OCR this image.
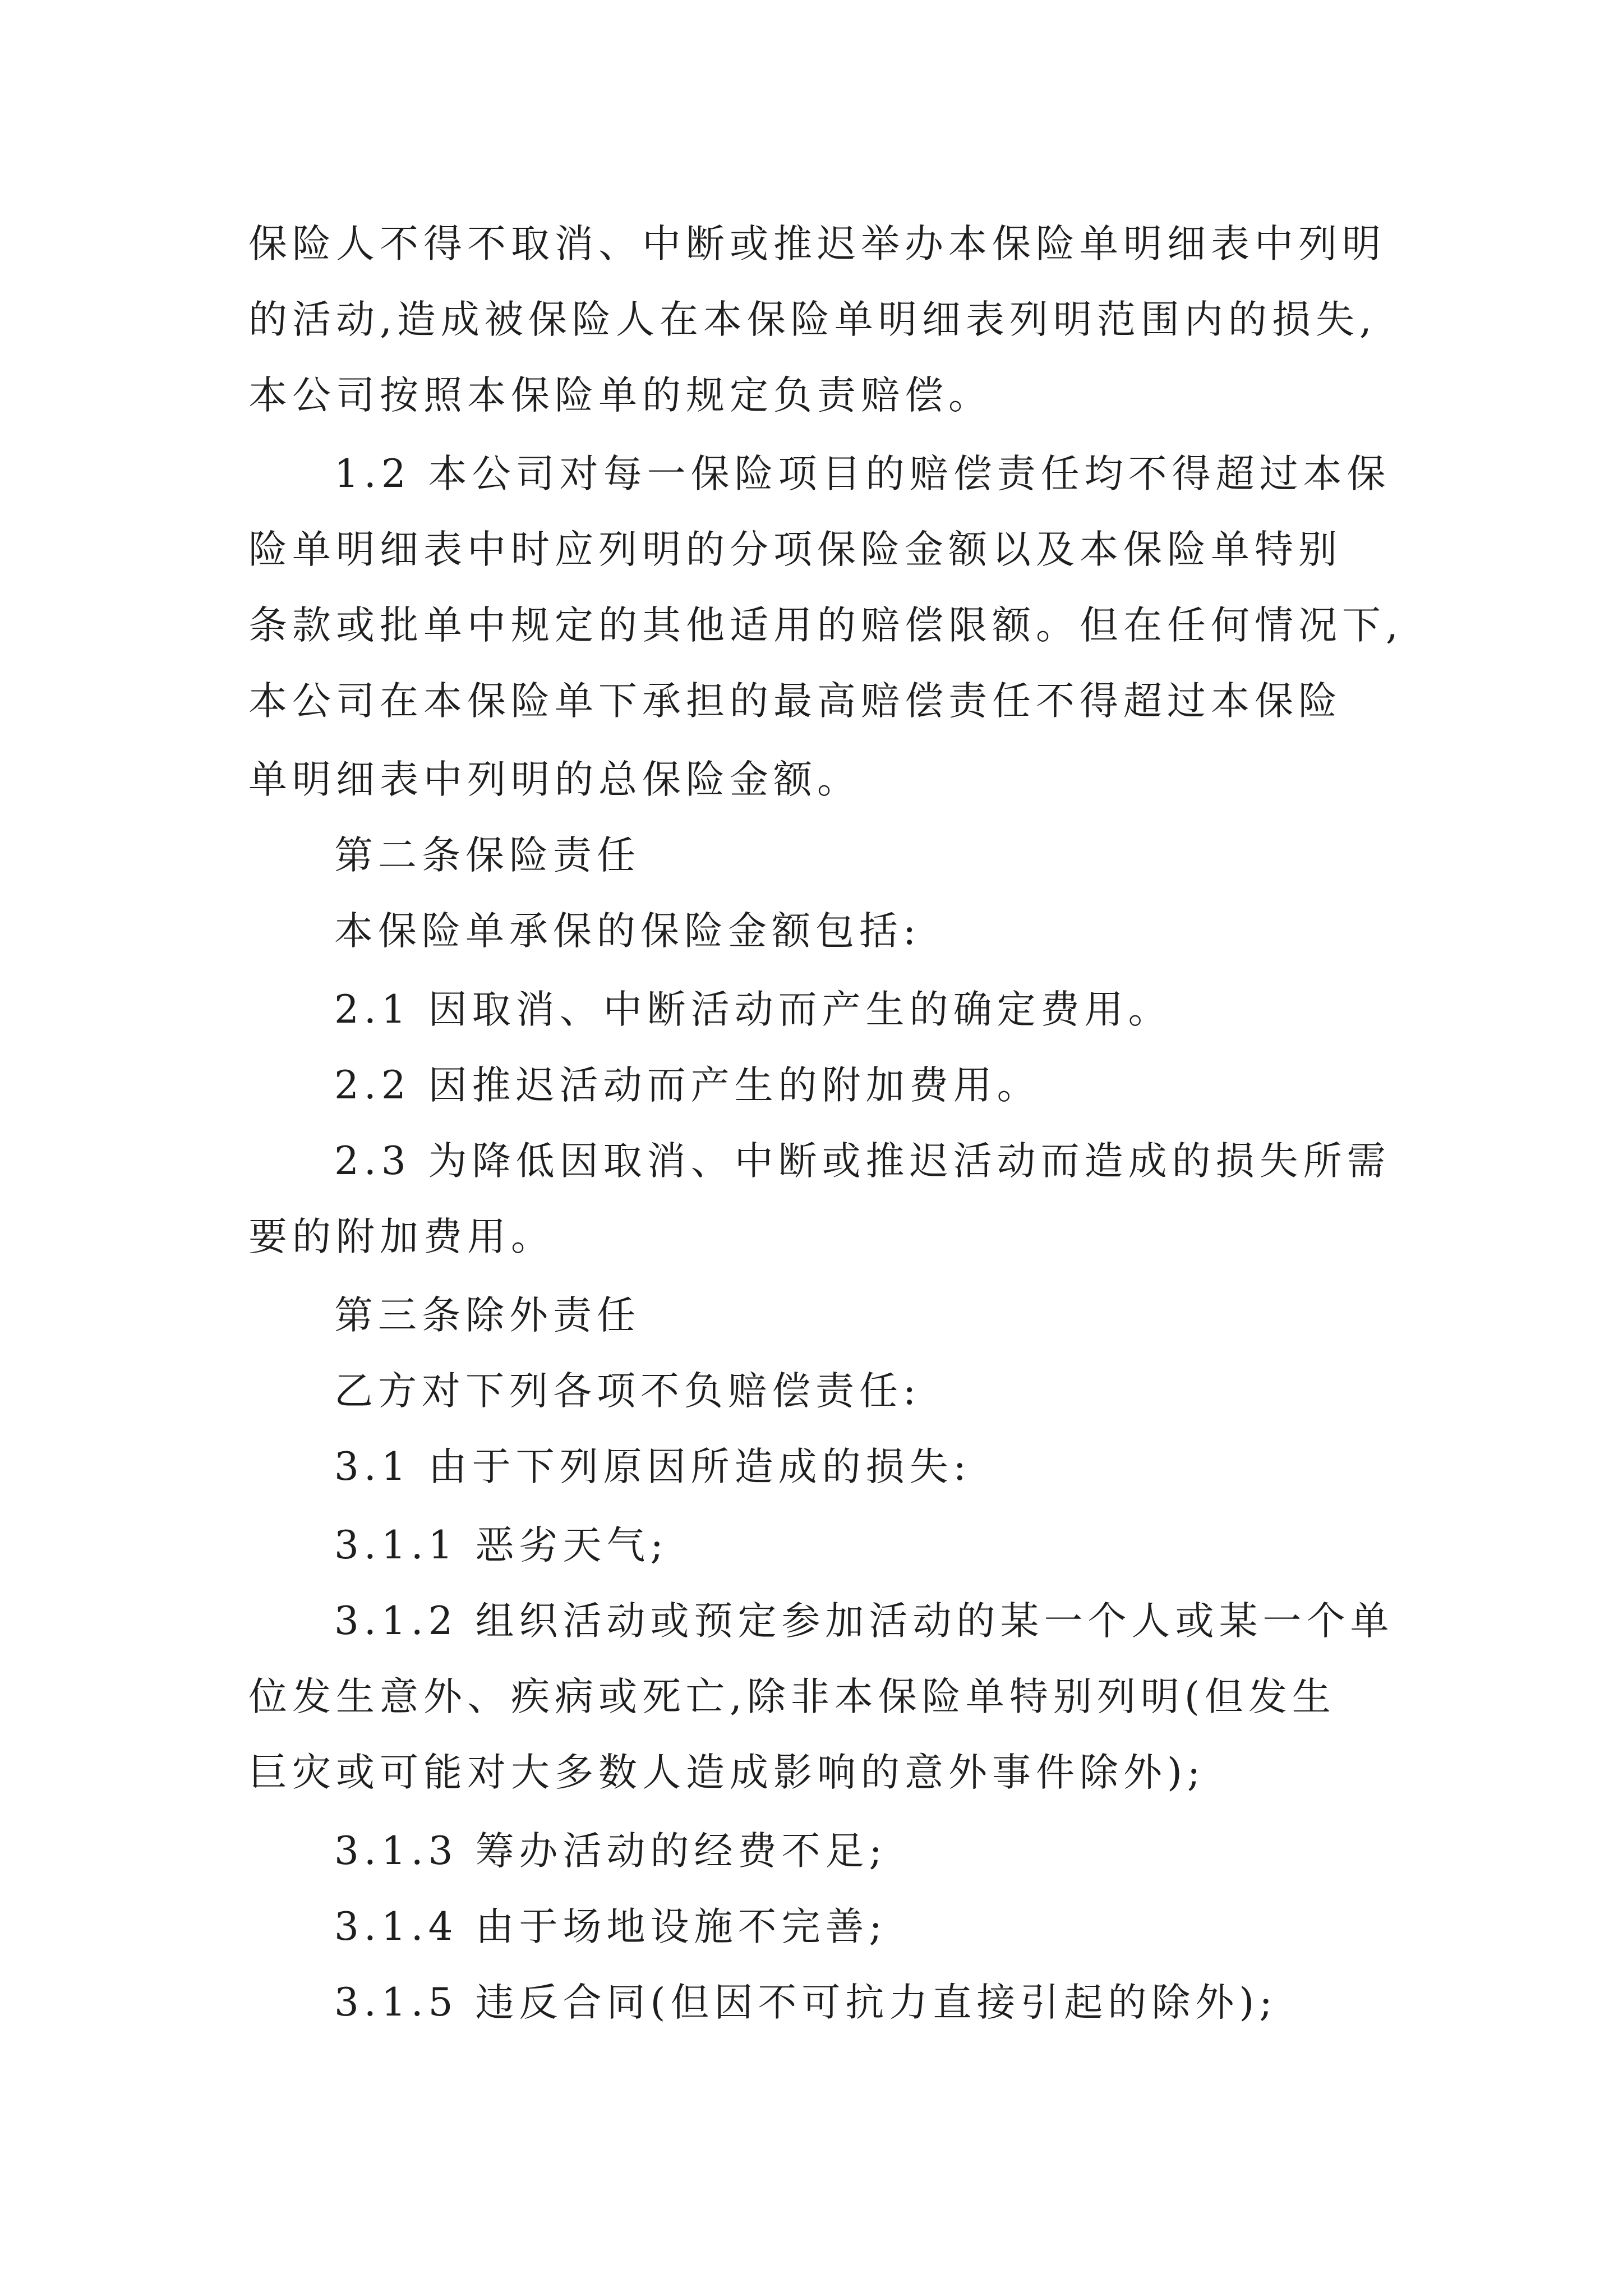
保险人不得不取消、中断或推迟举办本保险单明细表中列明
的活动,造成被保险人在本保险单明细表列明范围内的损失,
本公司按照本保险单的规定负责赔偿。
1.2 本公司对每一保险项目的赔偿责任均不得超过本保
险单明细表中时应列明的分项保险金额以及本保险单特别
条款或批单中规定的其他适用的赔偿限额。但在任何情况下,
本公司在本保险单下承担的最高赔偿责任不得超过本保险
单明细表中列明的总保险金额。
第二条保险责任
本保险单承保的保险金额包括:
2.1 因取消、中断活动而产生的确定费用。
2.2 因推迟活动而产生的附加费用。
2.3 为降低因取消、中断或推迟活动而造成的损失所需
要的附加费用。
第三条除外责任
乙方对下列各项不负赔偿责任:
3.1 由于下列原因所造成的损失:
3.1.1 恶劣天气;
3.1.2 组织活动或预定参加活动的某一个人或某一个单
位发生意外、疾病或死亡,除非本保险单特别列明(但发生
巨灾或可能对大多数人造成影响的意外事件除外);
3.1.3 筹办活动的经费不足;
3.1.4 由于场地设施不完善;
3.1.5 违反合同(但因不可抗力直接引起的除外);
